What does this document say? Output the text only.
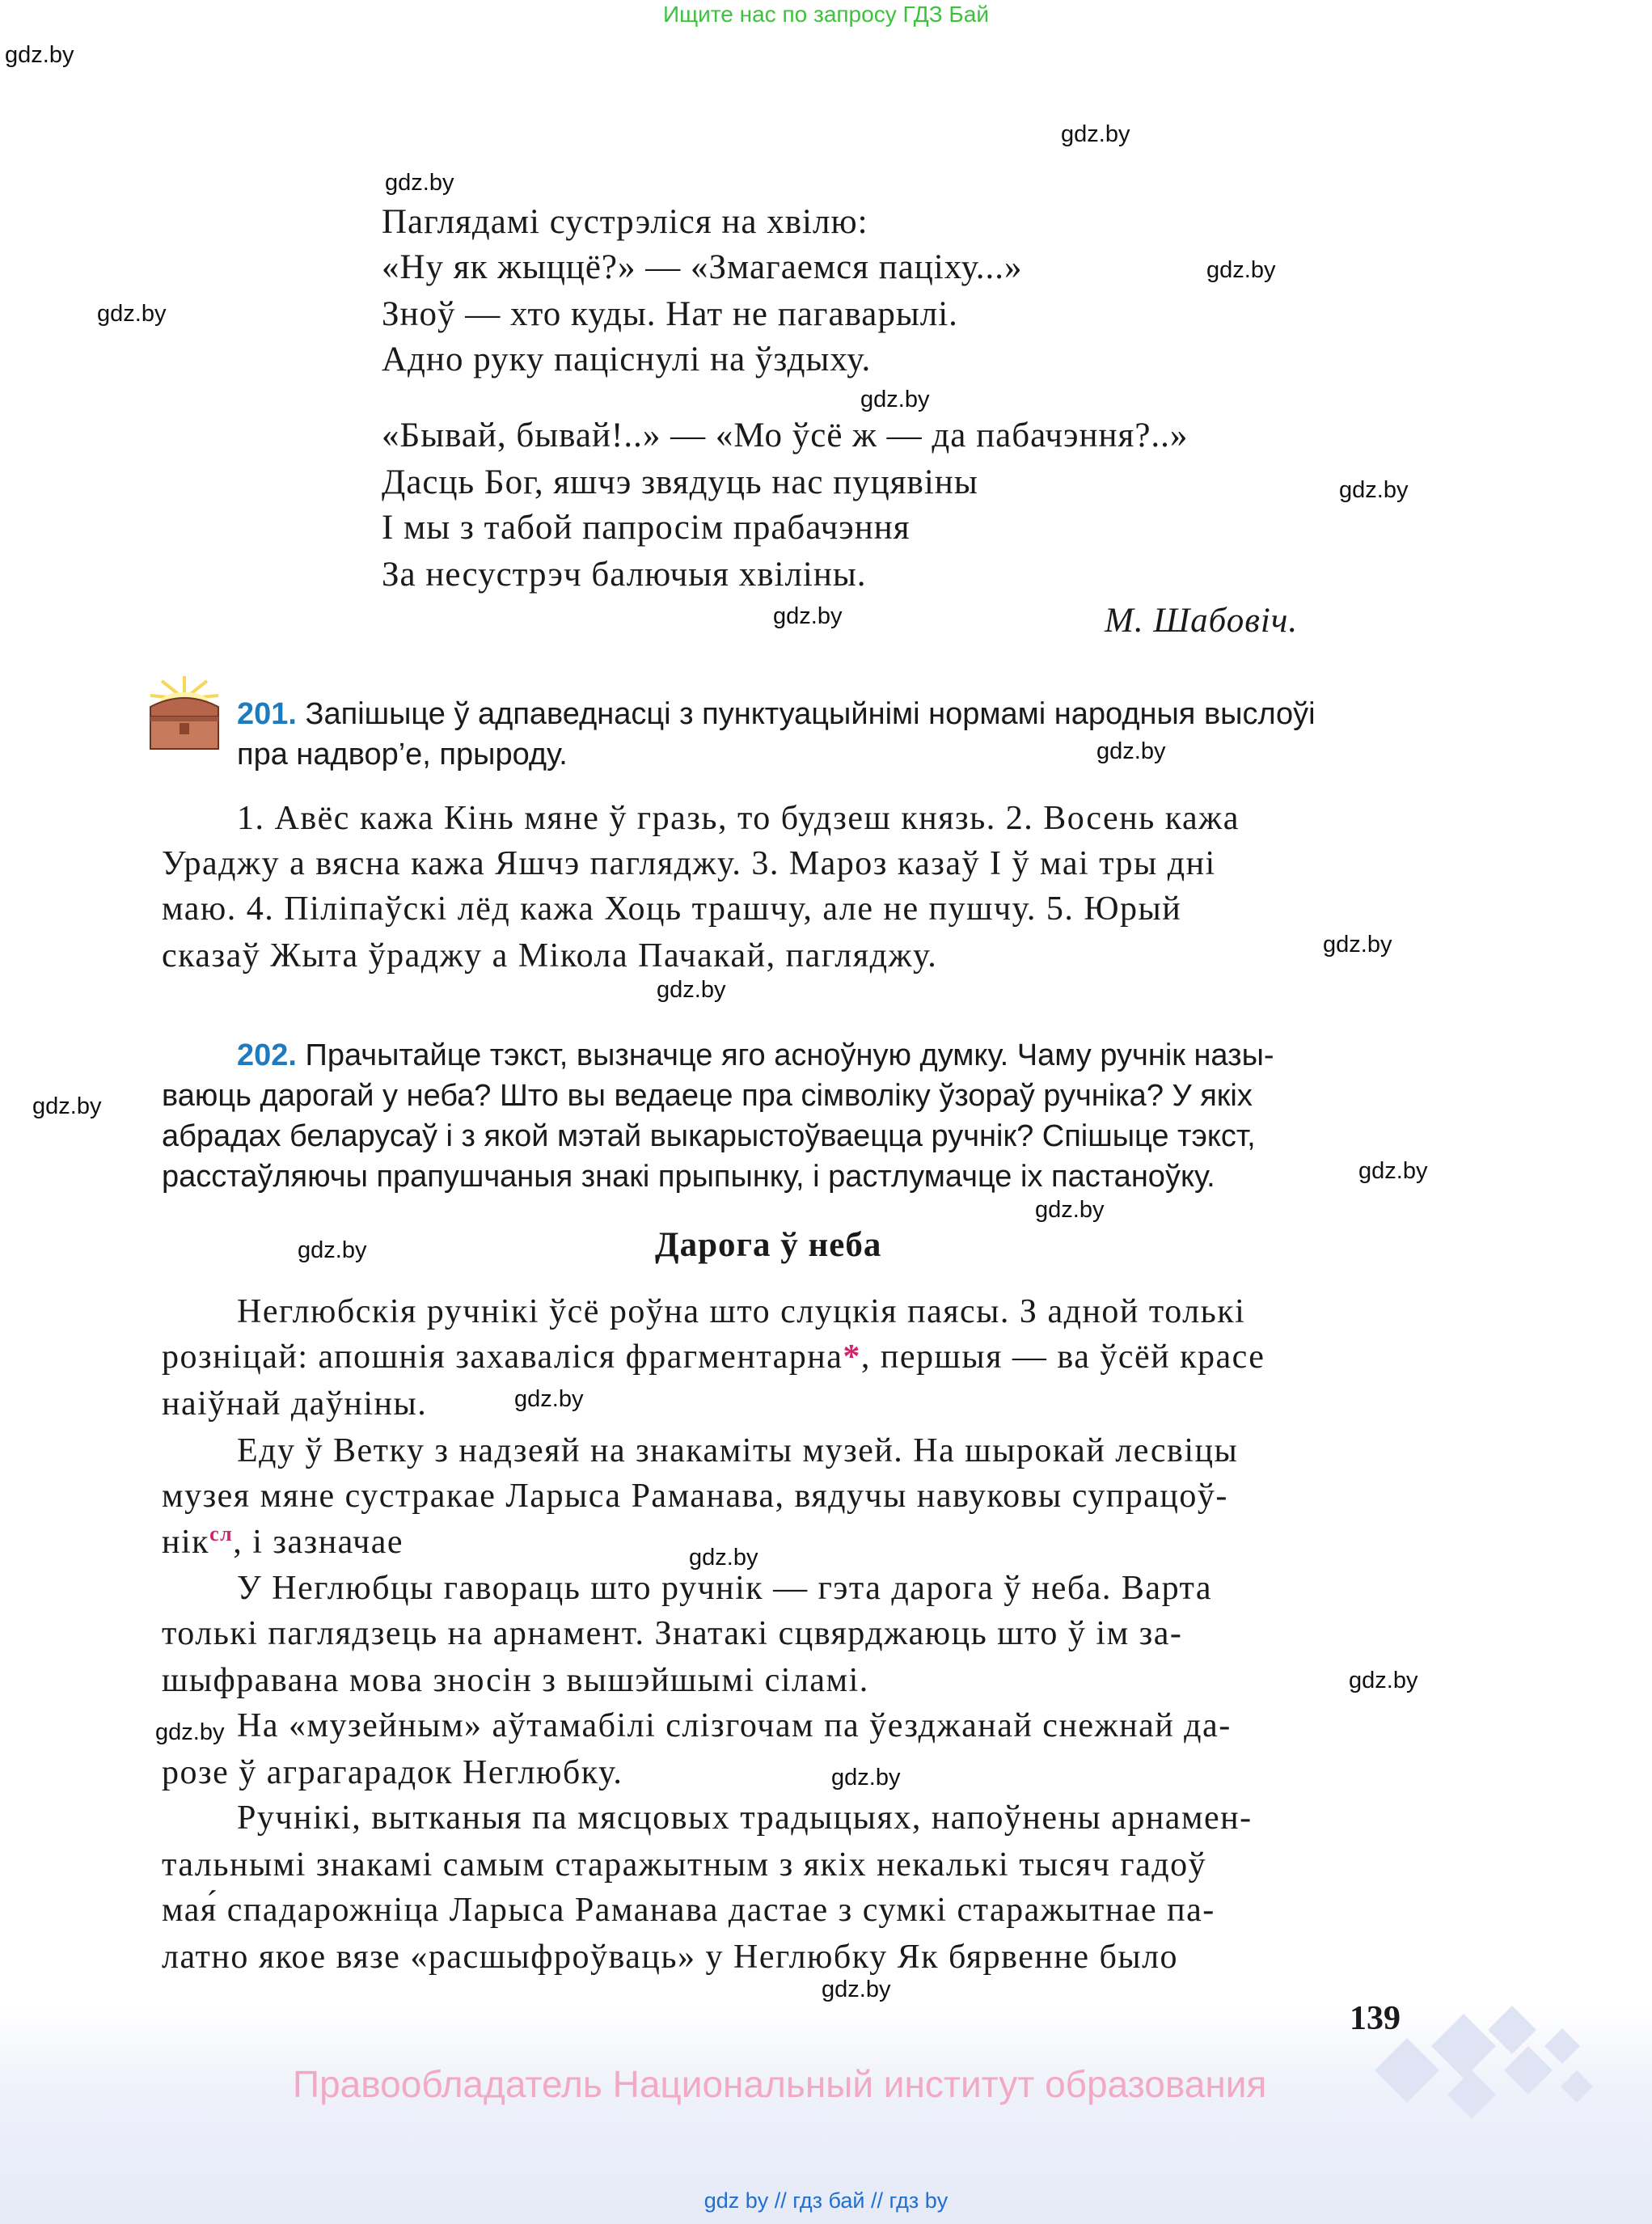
Ищите нас по запросу ГДЗ Бай
gdz.by
gdz.by
gdz.by
gdz.by
gdz.by
gdz.by
gdz.by
gdz.by
gdz.by
gdz.by
gdz.by
gdz.by
gdz.by
gdz.by
gdz.by
gdz.by
gdz.by
gdz.by
gdz.by
gdz.by
gdz.by
Паглядамі сустрэліся на хвілю:
«Ну як жыццё?» — «Змагаемся паціху...»
Зноў — хто куды. Нат не пагаварылі.
Адно руку паціснулі на ўздыху.
«Бывай, бывай!..» — «Мо ўсё ж — да пабачэння?..»
Дасць Бог, яшчэ звядуць нас пуцявіны
І мы з табой папросім прабачэння
За несустрэч балючыя хвіліны.
М. Шабовіч.
201. Запішыце ў адпаведнасці з пунктуацыйнімі нормамі народныя выслоўі
пра надвор’е, прыроду.
1. Авёс кажа Кінь мяне ў гразь, то будзеш князь. 2. Восень кажа
Ураджу а вясна кажа Яшчэ пагляджу. 3. Мароз казаў І ў маі тры дні
маю. 4. Піліпаўскі лёд кажа Хоць трашчу, але не пушчу. 5. Юрый
сказаў Жыта ўраджу а Мікола Пачакай, пагляджу.
202. Прачытайце тэкст, вызначце яго асноўную думку. Чаму ручнік назы-
ваюць дарогай у неба? Што вы ведаеце пра сімволіку ўзораў ручніка? У якіх
абрадах беларусаў і з якой мэтай выкарыстоўваецца ручнік? Спішыце тэкст,
расстаўляючы прапушчаныя знакі прыпынку, і растлумачце іх пастаноўку.
Дарога ў неба
Неглюбскія ручнікі ўсё роўна што слуцкія паясы. З адной толькі
розніцай: апошнія захаваліся фрагментарна*, першыя — ва ўсёй красе
наіўнай даўніны.
Еду ў Ветку з надзеяй на знакаміты музей. На шырокай лесвіцы
музея мяне сустракае Ларыса Раманава, вядучы навуковы супрацоў-
нік$^{сл}$, і зазначае
У Неглюбцы гавораць што ручнік — гэта дарога ў неба. Варта
толькі паглядзець на арнамент. Знатакі сцвярджаюць што ў ім за-
шыфравана мова зносін з вышэйшымі сіламі.
На «музейным» аўтамабілі слізгочам па ўезджанай снежнай да-
розе ў аграгарадок Неглюбку.
Ручнікі, вытканыя па мясцовых традыцыях, напоўнены арнамен-
тальнымі знакамі самым старажытным з якіх некалькі тысяч гадоў
мая́ спадарожніца Ларыса Раманава дастае з сумкі старажытнае па-
латно якое вязе «расшыфроўваць» у Неглюбку Як бярвенне было
139
Правообладатель Национальный институт образования
gdz by // гдз бай // гдз by
